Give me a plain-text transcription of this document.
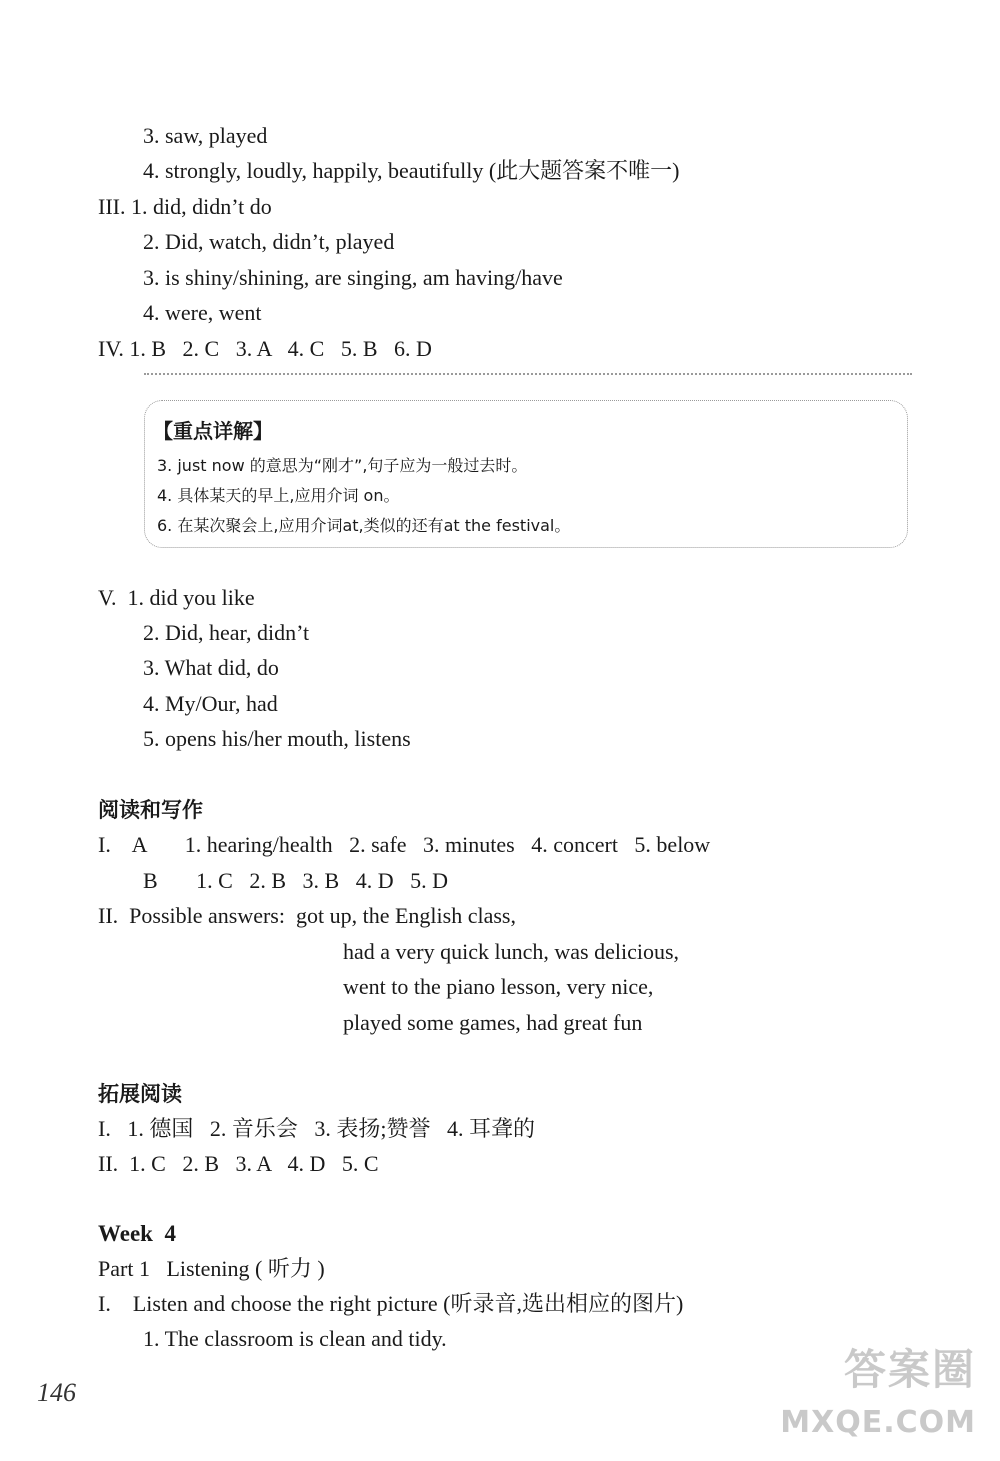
3. saw, played
4. strongly, loudly, happily, beautifully (此大题答案不唯一)
III. 1. did, didn’t do
2. Did, watch, didn’t, played
3. is shiny/shining, are singing, am having/have
4. were, went
IV. 1. B   2. C   3. A   4. C   5. B   6. D
【重点详解】
3. just now 的意思为“刚才”,句子应为一般过去时。
4. 具体某天的早上,应用介词 on。
6. 在某次聚会上,应用介词at,类似的还有at the festival。
V.  1. did you like
2. Did, hear, didn’t
3. What did, do
4. My/Our, had
5. opens his/her mouth, listens
阅读和写作
I.    A       1. hearing/health   2. safe   3. minutes   4. concert   5. below
B       1. C   2. B   3. B   4. D   5. D
II.  Possible answers:  got up, the English class,
had a very quick lunch, was delicious,
went to the piano lesson, very nice,
played some games, had great fun
拓展阅读
I.   1. 德国   2. 音乐会   3. 表扬;赞誉   4. 耳聋的
II.  1. C   2. B   3. A   4. D   5. C
Week  4
Part 1   Listening ( 听力 )
I.    Listen and choose the right picture (听录音,选出相应的图片)
1. The classroom is clean and tidy.
146	答案圈
MXQE.COM
